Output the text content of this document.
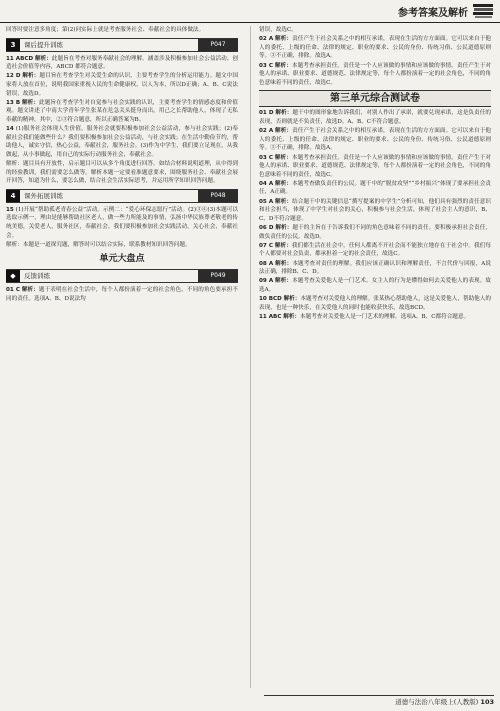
参考答案及解析

回答时要注意多角度；第(2)问实际上就是考查服务社会、奉献社会的具体做法。

3	课后提升训练	P047

11 ABCD 解析：此题旨在考查对服务奉献社会的理解。涵盖涉及积极参加社会公益活动、创造社会价值等内容，ABCD 都符合题意。

12 D 解析：题目旨在考查学生对关爱生命的认识，主要考查学生的分析运用能力。题文中国家将人放在首位，说明我国家重视人民的生命健康权，以人为本，所以D正确；A、B、C说法错误，故选D。

13 B 解析：此题旨在考查学生对自觉参与社会实践的认识，主要考查学生的情感态度和价值观。题文讲述了中南大学青年学生张某在危急关头挺身而出，用己之长帮助他人，体现了无私奉献的精神，其中，②③符合题意，所以正确答案为B。

14 (1)服务社会体现人生价值，服务社会就要积极参加社会公益活动，参与社会实践；(2)奉献社会我们能做些什么？我们要积极参加社会公益活动，与社会实践；在生活中勤俭节约，帮助他人，诚实守信，热心公益，奉献社会，服务社会。(3)作为中学生，我们要立足现在，从我做起，从小事做起，用自己的实际行动服务社会，奉献社会。

解析：题目具有开放性，启示题目可以从多个角度进行回答。如结合材料说明道理，从中得到的经验教训，我们需要怎么做等。解析本题一定要看准题意要求，围绕服务社会、奉献社会展开回答，知道为什么，要怎么做，结合社会生活实际思考，并运用所学知识回答问题。

4	课外拓展训练	P048

15 (1)开展“帮助孤老青春公益”活动。示例二：“爱心环保志愿行”活动。(2)③④(3)本题可以选取示例一，理由是能够帮助社区老人，做一些力所能及的事情，弘扬中华民族尊老敬老的传统美德，关爱老人，服务社区，奉献社会。我们要积极参加社会实践活动，关心社会，奉献社会。

解析：本题是一道探究题，解答时可以结合实际，联系教材知识回答问题。

单元大盘点
◆	反馈训练	P049

01 C 解析：题干表明在社会生活中，每个人都扮演着一定的社会角色，不同的角色要承担不同的责任。选项A、B、D说法均

错误，故选C。

02 A 解析：责任产生于社会关系之中的相互承诺，表现在生活的方方面面。它可以来自于他人的委托、上级的任命、法律的规定、职业的要求、公民的身份、传统习俗、公民道德原则等。③不正确，排除。故选A。

03 C 解析：本题考查承担责任。责任是一个人应该做的事情和应该做的事情。责任产生于对他人的承诺、职业要求、道德规范、法律规定等，每个人都扮演着一定的社会角色，不同的角色意味着不同的责任，故选C。

第三单元综合测试卷

01 D 解析：题干中的图形象地告诉我们，对别人作出了承诺，就要兑现承诺，这是负责任的表现，否则就是不负责任，故选D。A、B、C不符合题意。

02 A 解析：责任产生于社会关系之中的相互承诺，表现在生活的方方面面。它可以来自于他人的委托、上级的任命、法律的规定、职业的要求、公民的身份、传统习俗、公民道德原则等。③不正确，排除。故选A。

03 C 解析：本题考查承担责任。责任是一个人应该做的事情和应该做的事情。责任产生于对他人的承诺、职业要求、道德规范、法律规定等，每个人都扮演着一定的社会角色，不同的角色意味着不同的责任，故选C。

04 A 解析：本题考查做负责任的公民。题干中的“脱贫攻坚”“乡村振兴”体现了要承担社会责任，A正确。

05 A 解析：结合题干中的关键信息“撰写提案的中学生”分析可知，他们具有强烈的责任意识和社会担当，体现了中学生对社会的关心，积极参与社会生活，体现了社会主人的意识，B、C、D不符合题意。

06 D 解析：题干的主旨在于告诉我们不同的角色意味着不同的责任。要积极承担社会责任，做负责任的公民。故选D。

07 C 解析：我们都生活在社会中，任何人都离不开社会而不能独立地存在于社会中。我们每个人都要对社会负责，都承担着一定的社会责任，故选C。

08 A 解析：本题考查对责任的理解。我们应该正确认识和理解责任，不言代价与回报，A说法正确，排除B、C、D。

09 A 解析：本题考查关爱他人是一门艺术。女主人的行为是懂得如何去关爱他人的表现。故选A。

10 BCD 解析：本题考查对关爱他人的理解。张某热心帮助他人，这是关爱他人，帮助他人的表现，也是一种快乐，在关爱他人的同时也能收获快乐，故选BCD。

11 ABC 解析：本题考查对关爱他人是一门艺术的理解。选项A、B、C都符合题意。

道德与法治八年级上(人教版) 103
